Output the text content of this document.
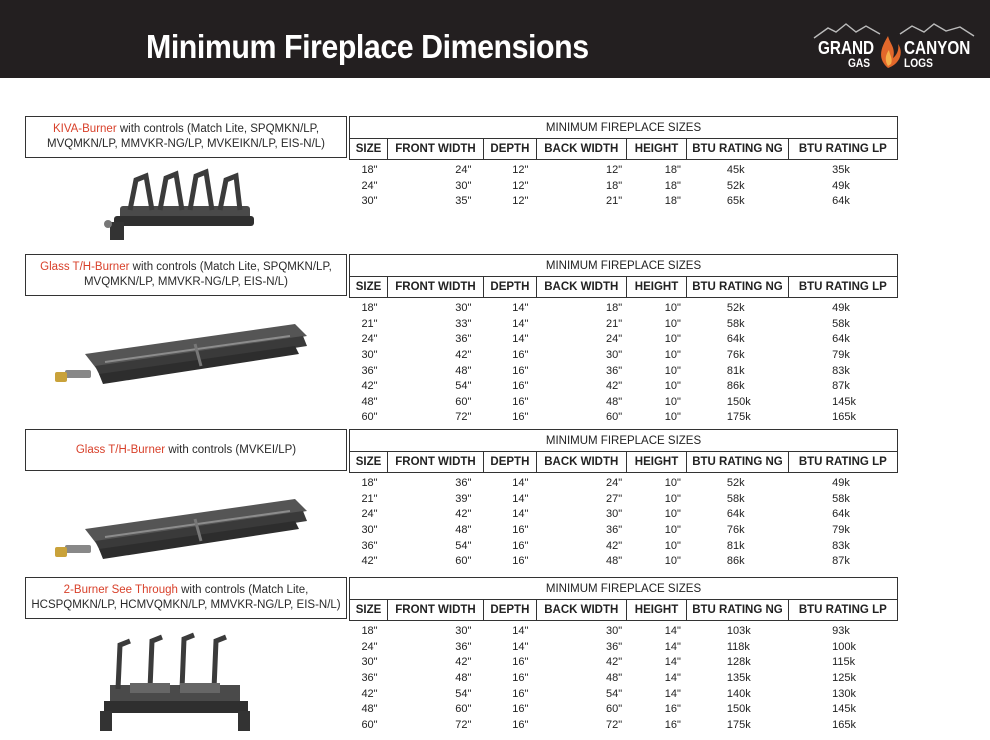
Minimum Fireplace Dimensions	GRAND CANYON
GAS	LOGS
KIVA-Burner with controls (Match Lite, SPQMKN/LP,
MVQMKN/LP, MMVKR-NG/LP, MVKEIKN/LP, EIS-N/L)
MINIMUM FIREPLACE SIZES						
SIZE	FRONT WIDTH	DEPTH	BACK WIDTH	HEIGHT	BTU RATING NG	BTU RATING LP

18"	24"	12"	12"	18"	45k	35k
24"	30"	12"	18"	18"	52k	49k
30"	35"	12"	21"	18"	65k	64k
Glass T/H-Burner with controls (Match Lite, SPQMKN/LP,
MVQMKN/LP, MMVKR-NG/LP, EIS-N/L)
MINIMUM FIREPLACE SIZES						
SIZE	FRONT WIDTH	DEPTH	BACK WIDTH	HEIGHT	BTU RATING NG	BTU RATING LP

18"	30"	14"	18"	10"	52k	49k
21"	33"	14"	21"	10"	58k	58k
24"	36"	14"	24"	10"	64k	64k
30"	42"	16"	30"	10"	76k	79k
36"	48"	16"	36"	10"	81k	83k
42"	54"	16"	42"	10"	86k	87k
48"	60"	16"	48"	10"	150k	145k
60"	72"	16"	60"	10"	175k	165k
Glass T/H-Burner with controls (MVKEI/LP)
MINIMUM FIREPLACE SIZES						
SIZE	FRONT WIDTH	DEPTH	BACK WIDTH	HEIGHT	BTU RATING NG	BTU RATING LP

18"	36"	14"	24"	10"	52k	49k
21"	39"	14"	27"	10"	58k	58k
24"	42"	14"	30"	10"	64k	64k
30"	48"	16"	36"	10"	76k	79k
36"	54"	16"	42"	10"	81k	83k
42"	60"	16"	48"	10"	86k	87k
2-Burner See Through with controls (Match Lite,
HCSPQMKN/LP, HCMVQMKN/LP, MMVKR-NG/LP, EIS-N/L)
MINIMUM FIREPLACE SIZES						
SIZE	FRONT WIDTH	DEPTH	BACK WIDTH	HEIGHT	BTU RATING NG	BTU RATING LP

18"	30"	14"	30"	14"	103k	93k
24"	36"	14"	36"	14"	118k	100k
30"	42"	16"	42"	14"	128k	115k
36"	48"	16"	48"	14"	135k	125k
42"	54"	16"	54"	14"	140k	130k
48"	60"	16"	60"	16"	150k	145k
60"	72"	16"	72"	16"	175k	165k
